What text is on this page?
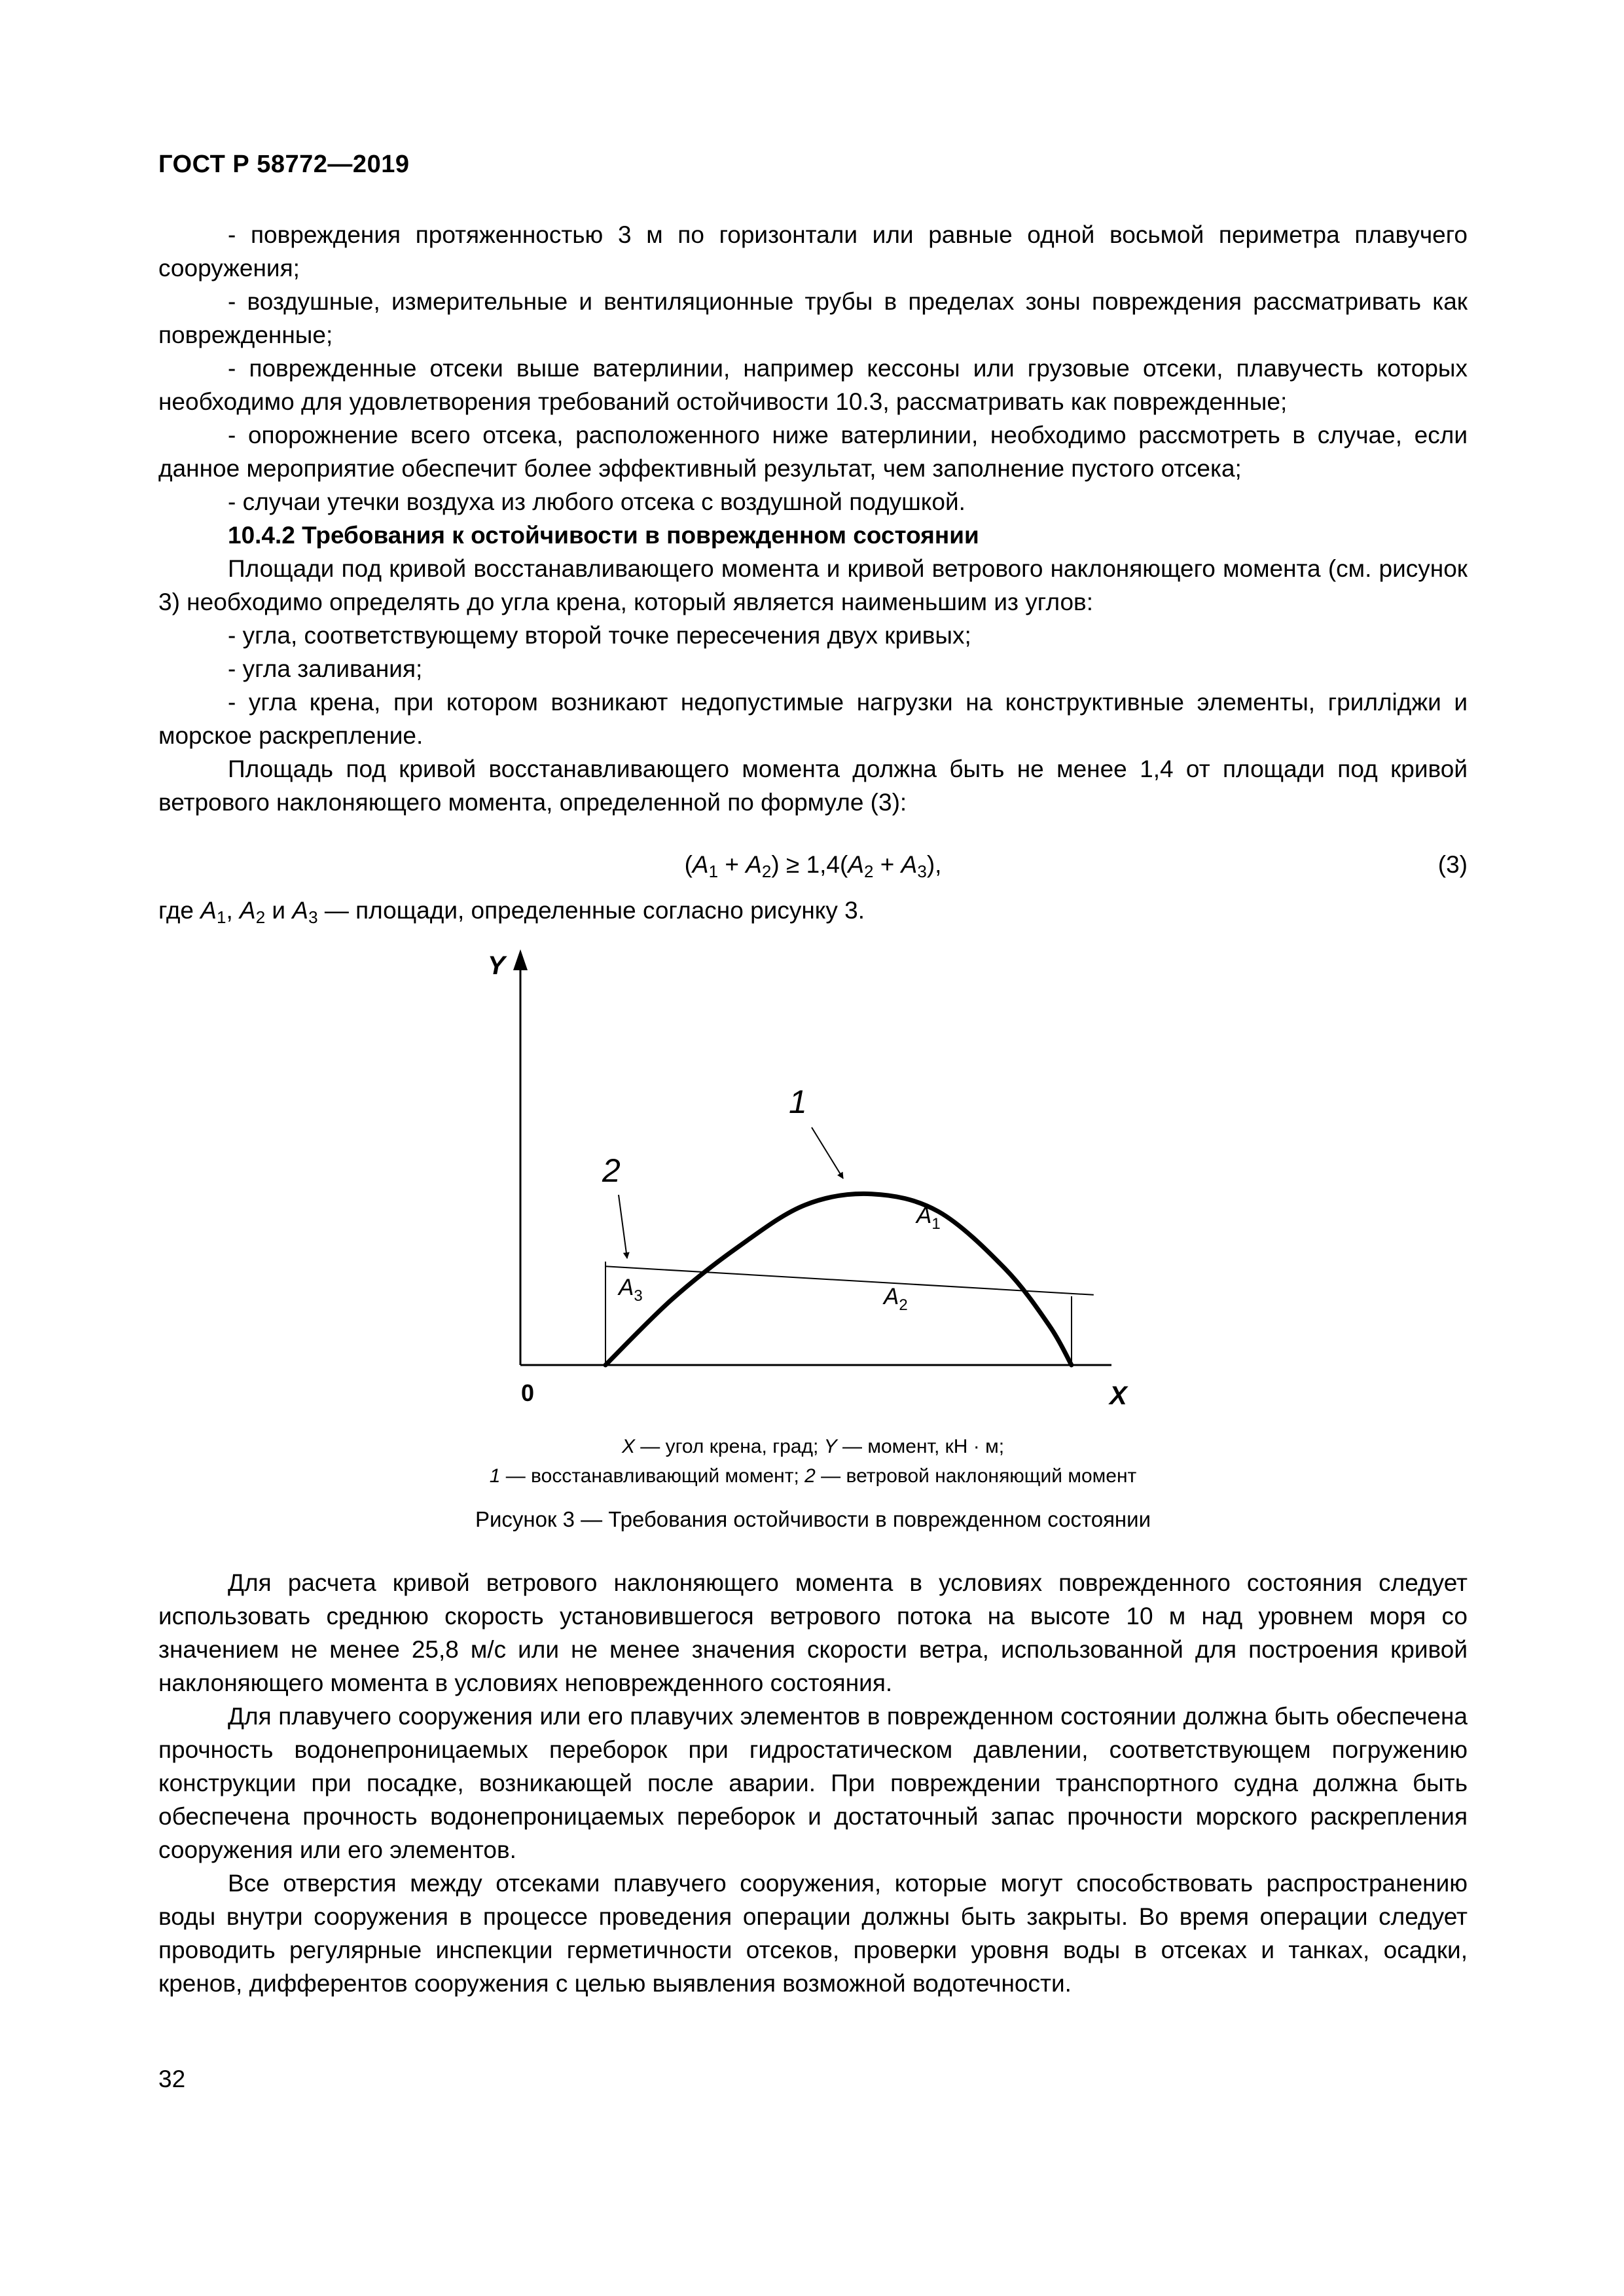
ГОСТ Р 58772—2019

- повреждения протяженностью 3 м по горизонтали или равные одной восьмой периметра плавучего сооружения;

- воздушные, измерительные и вентиляционные трубы в пределах зоны повреждения рассматривать как поврежденные;

- поврежденные отсеки выше ватерлинии, например кессоны или грузовые отсеки, плавучесть которых необходимо для удовлетворения требований остойчивости 10.3, рассматривать как поврежденные;

- опорожнение всего отсека, расположенного ниже ватерлинии, необходимо рассмотреть в случае, если данное мероприятие обеспечит более эффективный результат, чем заполнение пустого отсека;

- случаи утечки воздуха из любого отсека с воздушной подушкой.

10.4.2 Требования к остойчивости в поврежденном состоянии

Площади под кривой восстанавливающего момента и кривой ветрового наклоняющего момента (см. рисунок 3) необходимо определять до угла крена, который является наименьшим из углов:

- угла, соответствующему второй точке пересечения двух кривых;

- угла заливания;

- угла крена, при котором возникают недопустимые нагрузки на конструктивные элементы, грилліджи и морское раскрепление.

Площадь под кривой восстанавливающего момента должна быть не менее 1,4 от площади под кривой ветрового наклоняющего момента, определенной по формуле (3):

$(A_1 + A_2) \ge 1,4(A_2 + A_3)$,	(3)
где $A_1$, $A_2$ и $A_3$ — площади, определенные согласно рисунку 3.
Y
X
0
1
2
$A_1$
$A_2$
$A_3$
X — угол крена, град; Y — момент, кН · м;
1 — восстанавливающий момент; 2 — ветровой наклоняющий момент
Рисунок 3 — Требования остойчивости в поврежденном состоянии

Для расчета кривой ветрового наклоняющего момента в условиях поврежденного состояния следует использовать среднюю скорость установившегося ветрового потока на высоте 10 м над уровнем моря со значением не менее 25,8 м/с или не менее значения скорости ветра, использованной для построения кривой наклоняющего момента в условиях неповрежденного состояния.

Для плавучего сооружения или его плавучих элементов в поврежденном состоянии должна быть обеспечена прочность водонепроницаемых переборок при гидростатическом давлении, соответствующем погружению конструкции при посадке, возникающей после аварии. При повреждении транспортного судна должна быть обеспечена прочность водонепроницаемых переборок и достаточный запас прочности морского раскрепления сооружения или его элементов.

Все отверстия между отсеками плавучего сооружения, которые могут способствовать распространению воды внутри сооружения в процессе проведения операции должны быть закрыты. Во время операции следует проводить регулярные инспекции герметичности отсеков, проверки уровня воды в отсеках и танках, осадки, кренов, дифферентов сооружения с целью выявления возможной водотечности.

32
